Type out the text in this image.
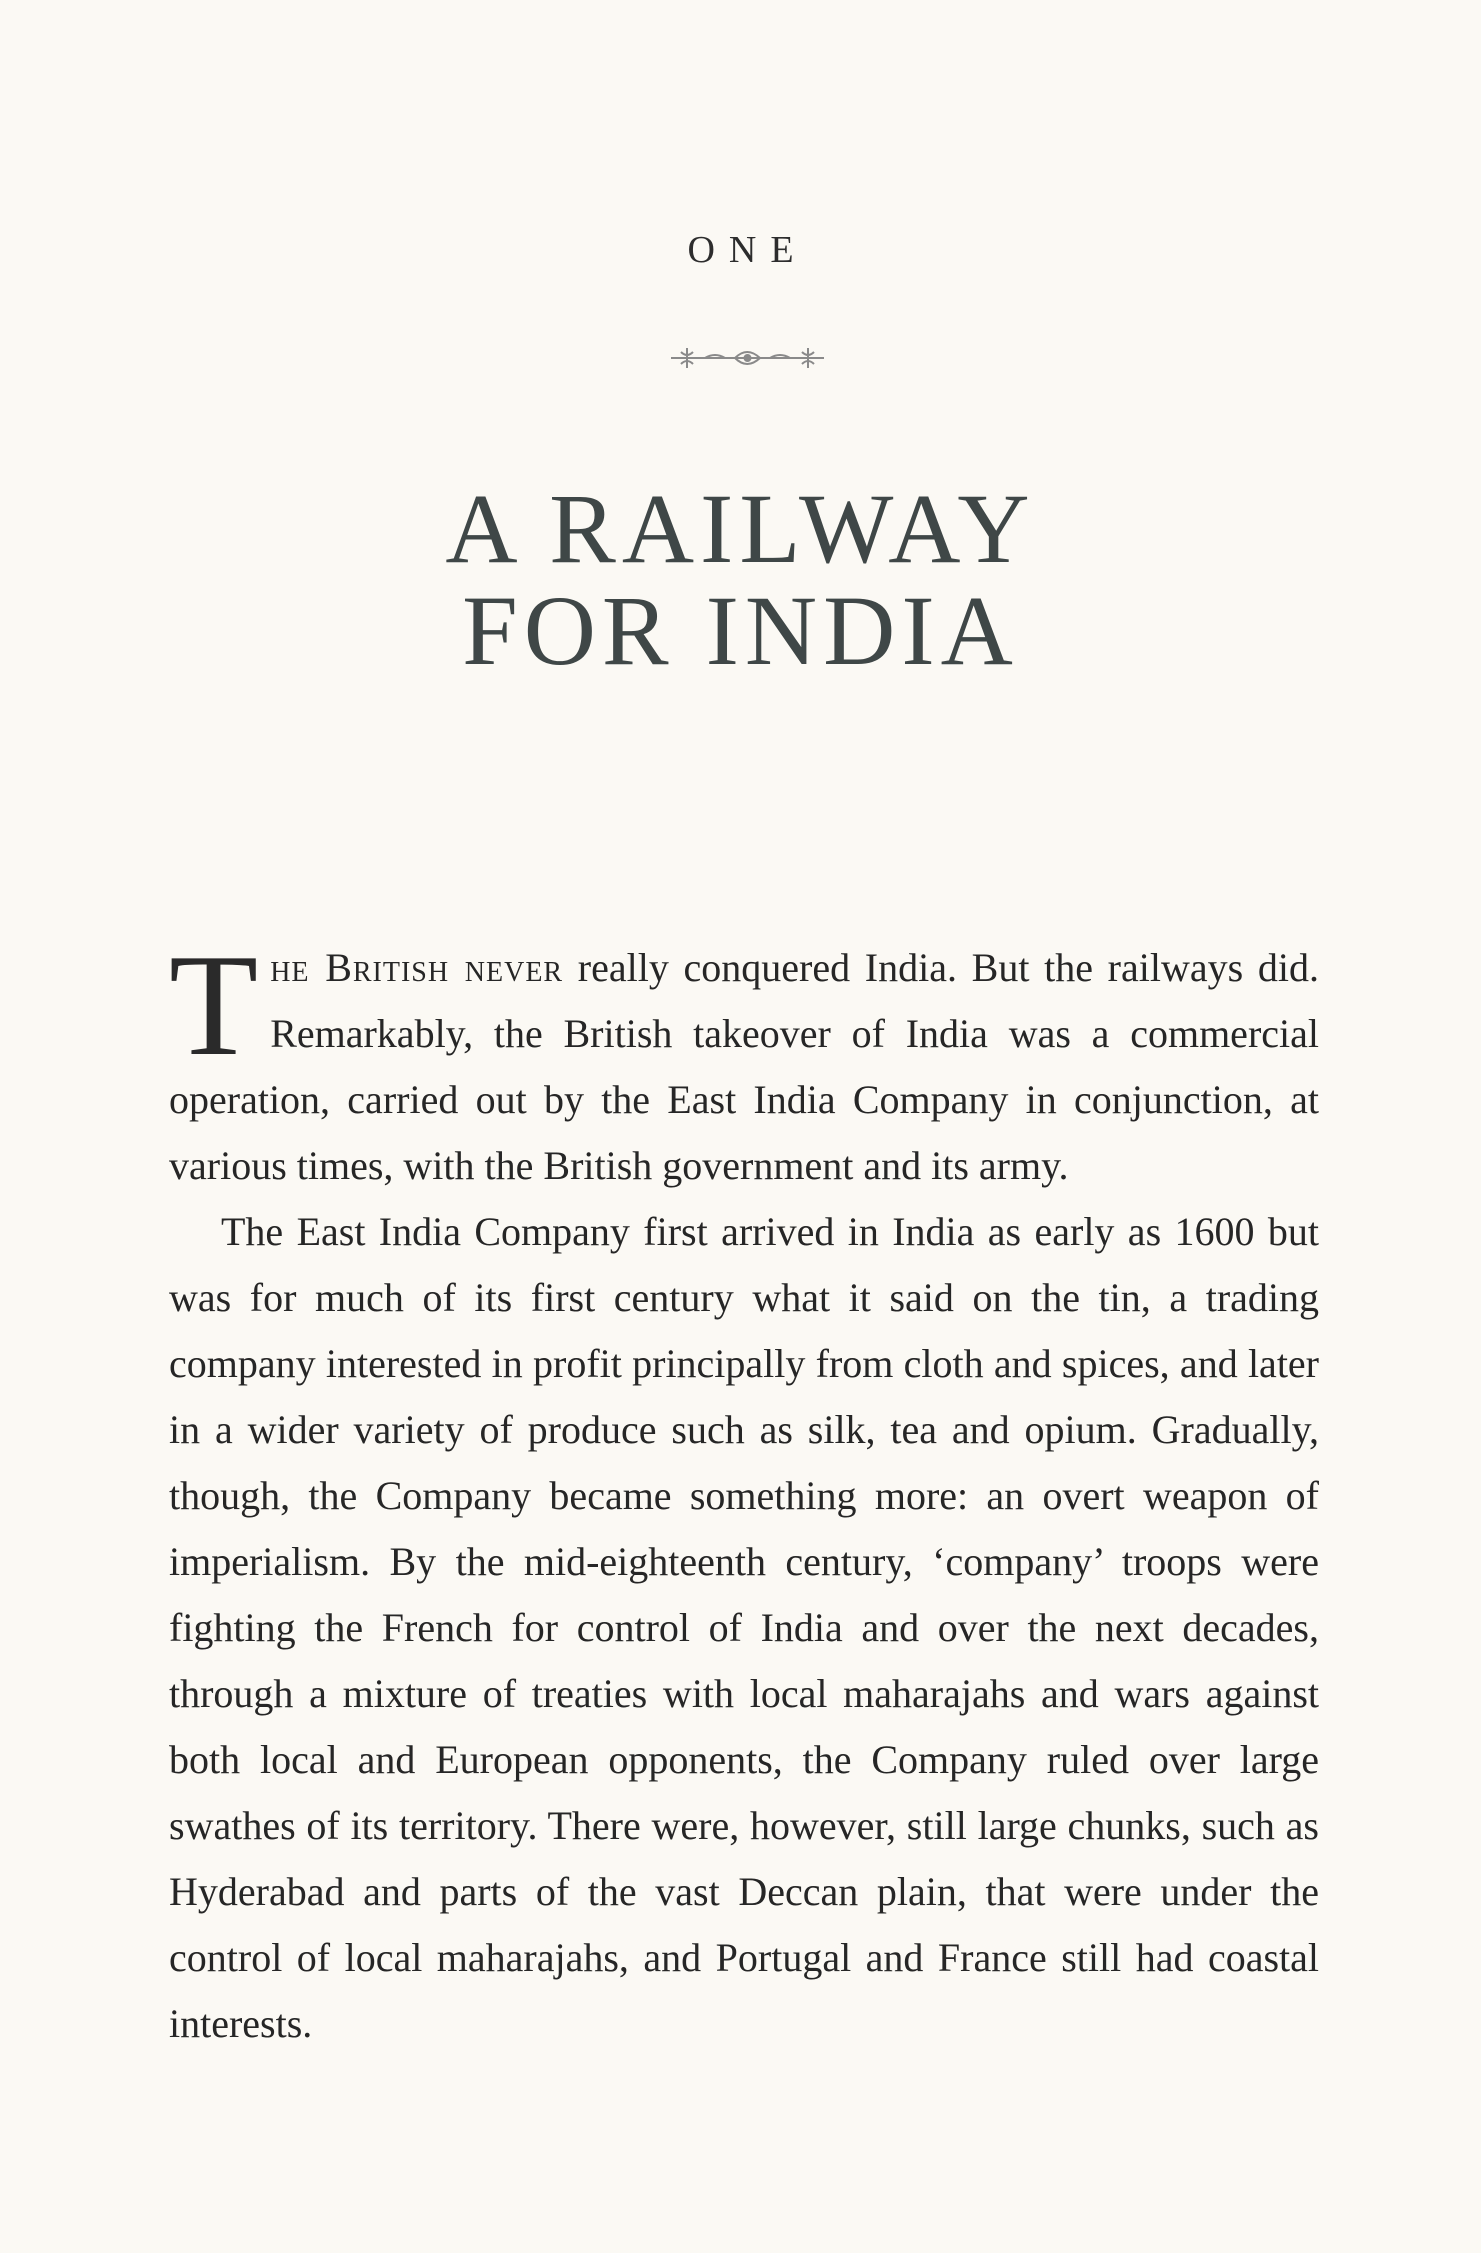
ONE
A RAILWAY
FOR INDIA

The British never really conquered India. But the railways did. Remarkably, the British takeover of India was a commercial operation, carried out by the East India Company in conjunction, at various times, with the British government and its army.

The East India Company first arrived in India as early as 1600 but was for much of its first century what it said on the tin, a trading company interested in profit principally from cloth and spices, and later in a wider variety of produce such as silk, tea and opium. Gradually, though, the Company became something more: an overt weapon of imperialism. By the mid-eighteenth century, ‘company’ troops were fighting the French for control of India and over the next decades, through a mixture of treaties with local maharajahs and wars against both local and European opponents, the Company ruled over large swathes of its territory. There were, however, still large chunks, such as Hyderabad and parts of the vast Deccan plain, that were under the control of local maharajahs, and Portugal and France still had coastal interests.
